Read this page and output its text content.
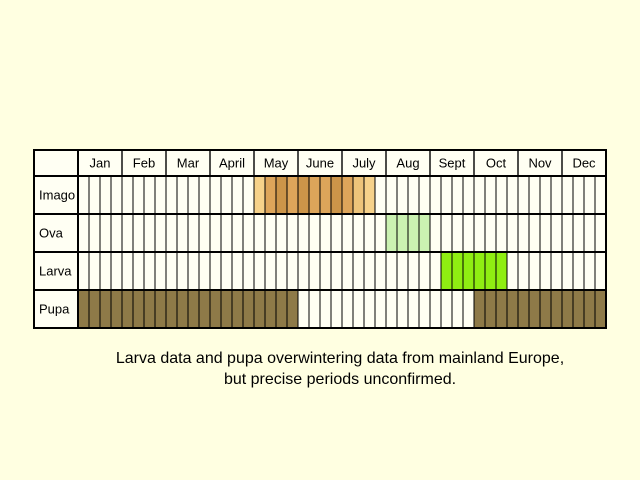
Jan Feb Mar April May June July Aug Sept Oct Nov Dec
Imago
Ova
Larva
Pupa
Larva data and pupa overwintering data from mainland Europe,
but precise periods unconfirmed.
